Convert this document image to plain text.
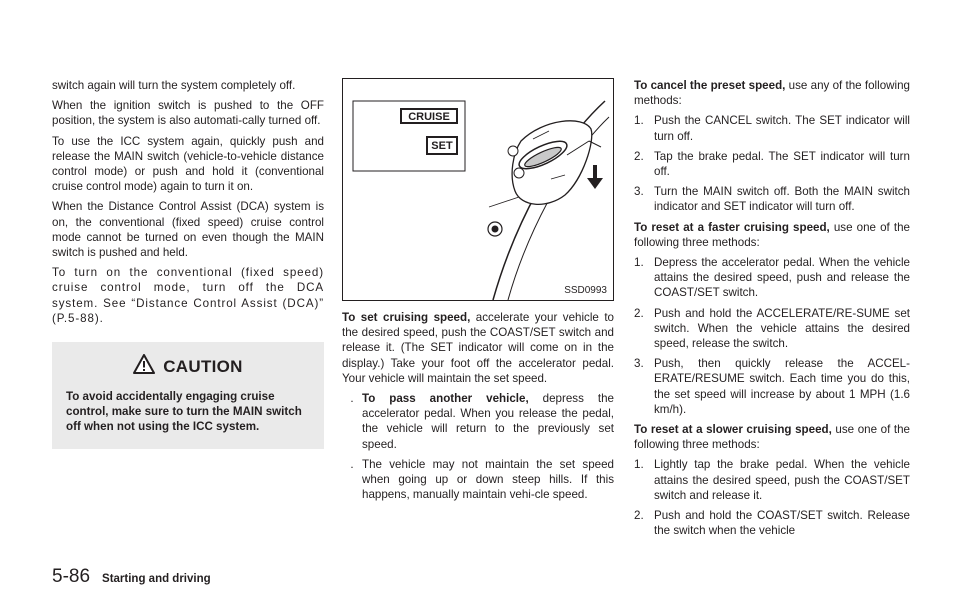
switch again will turn the system completely off.

When the ignition switch is pushed to the OFF position, the system is also automati‐cally turned off.

To use the ICC system again, quickly push and release the MAIN switch (vehicle-to-vehicle distance control mode) or push and hold it (conventional cruise control mode) again to turn it on.

When the Distance Control Assist (DCA) system is on, the conventional (fixed speed) cruise control mode cannot be turned on even though the MAIN switch is pushed and held.

To turn on the conventional (fixed speed) cruise control mode, turn off the DCA system. See “Distance Control Assist (DCA)” (P.5-88).

CAUTION

To avoid accidentally engaging cruise control, make sure to turn the MAIN switch off when not using the ICC system.

CRUISE
SET
SSD0993

To set cruising speed, accelerate your vehicle to the desired speed, push the COAST/SET switch and release it. (The SET indicator will come on in the display.) Take your foot off the accelerator pedal. Your vehicle will maintain the set speed.

. To pass another vehicle, depress the accelerator pedal. When you release the pedal, the vehicle will return to the previously set speed.
. The vehicle may not maintain the set speed when going up or down steep hills. If this happens, manually maintain vehi‐cle speed.

To cancel the preset speed, use any of the following methods:

1. Push the CANCEL switch. The SET indicator will turn off.
2. Tap the brake pedal. The SET indicator will turn off.
3. Turn the MAIN switch off. Both the MAIN switch indicator and SET indicator will turn off.

To reset at a faster cruising speed, use one of the following three methods:

1. Depress the accelerator pedal. When the vehicle attains the desired speed, push and release the COAST/SET switch.
2. Push and hold the ACCELERATE/RE‐SUME set switch. When the vehicle attains the desired speed, release the switch.
3. Push, then quickly release the ACCEL‐ERATE/RESUME switch. Each time you do this, the set speed will increase by about 1 MPH (1.6 km/h).

To reset at a slower cruising speed, use one of the following three methods:

1. Lightly tap the brake pedal. When the vehicle attains the desired speed, push the COAST/SET switch and release it.
2. Push and hold the COAST/SET switch. Release the switch when the vehicle
5-86 Starting and driving
